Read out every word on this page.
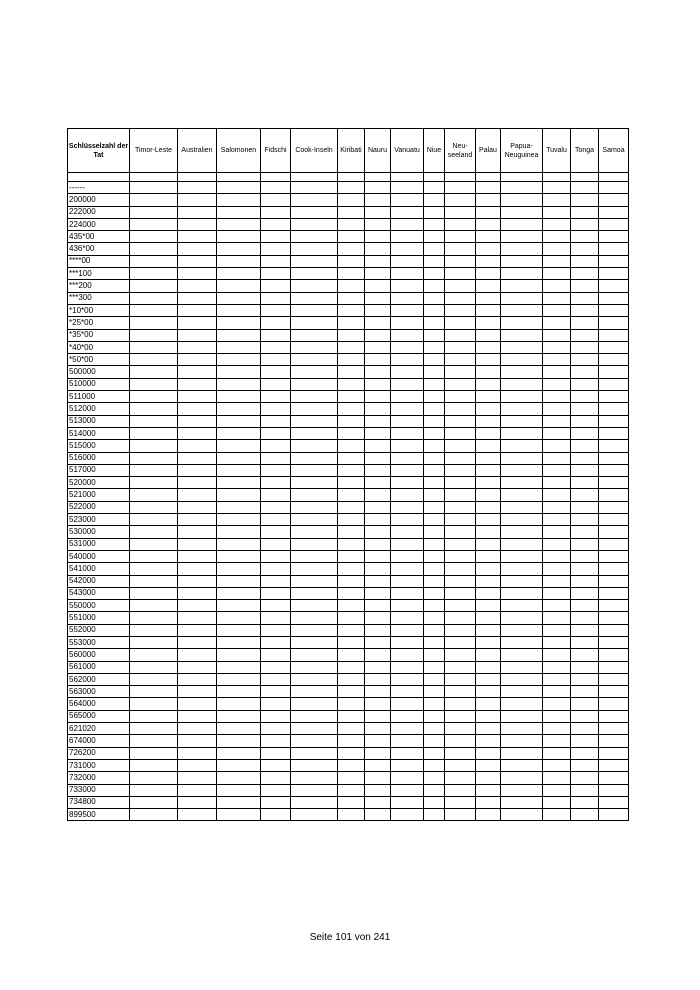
Schlüsselzahl der Tat	Timor-Leste	Australien	Salomonen	Fidschi	Cook-Inseln	Kiribati	Nauru	Vanuatu	Niue	Neu-seeland	Palau	Papua-Neuguinea	Tuvalu	Tonga	Samoa

------															
200000															
222000															
224000															
435*00															
436*00															
****00															
***100															
***200															
***300															
*10*00															
*25*00															
*35*00															
*40*00															
*50*00															
500000															
510000															
511000															
512000															
513000															
514000															
515000															
516000															
517000															
520000															
521000															
522000															
523000															
530000															
531000															
540000															
541000															
542000															
543000															
550000															
551000															
552000															
553000															
560000															
561000															
562000															
563000															
564000															
565000															
621020															
674000															
726200															
731000															
732000															
733000															
734800															
899500															
Seite 101 von 241
